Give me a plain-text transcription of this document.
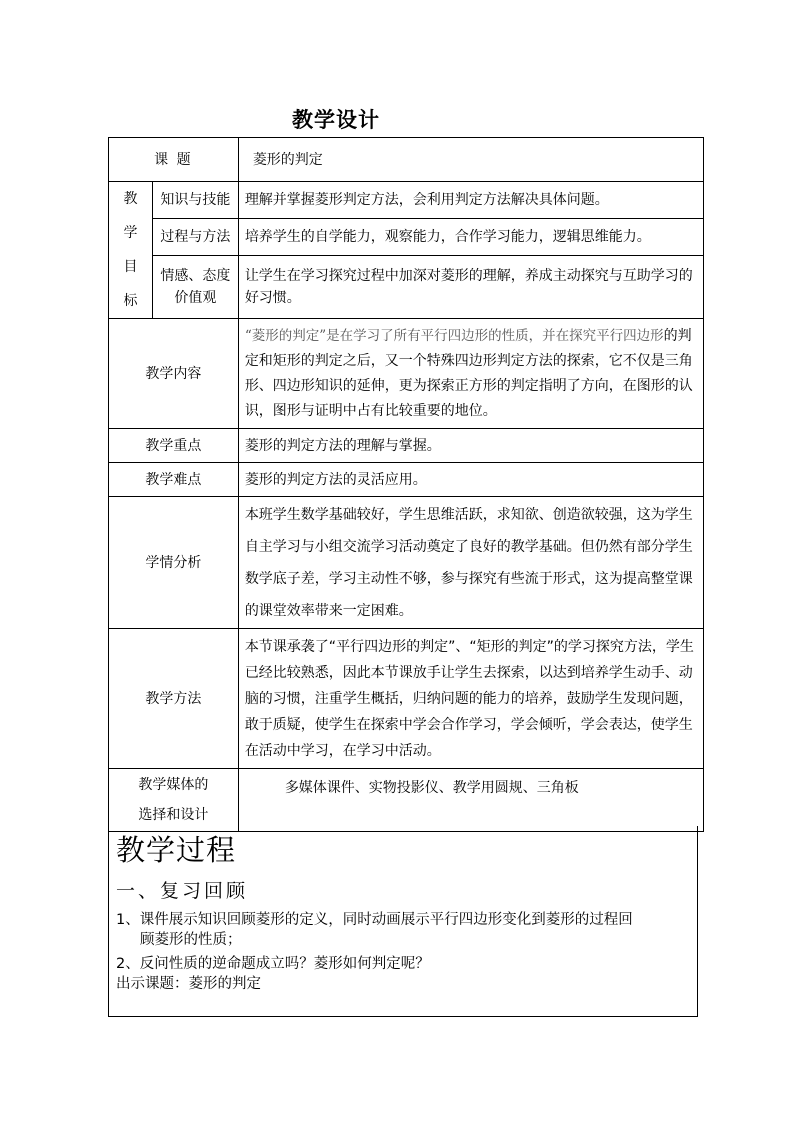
教学设计
课 题		菱形的判定

教
学
目
标	知识与技能	理解并掌握菱形判定方法，会利用判定方法解决具体问题。
	过程与方法	培养学生的自学能力，观察能力，合作学习能力，逻辑思维能力。

	情感、态度
价值观	让学生在学习探究过程中加深对菱形的理解，养成主动探究与互助学习的好习惯。
教学内容		“菱形的判定”是在学习了所有平行四边形的性质，并在探究平行四边形的判定和矩形的判定之后，又一个特殊四边形判定方法的探索，它不仅是三角形、四边形知识的延伸，更为探索正方形的判定指明了方向，在图形的认识，图形与证明中占有比较重要的地位。
教学重点		菱形的判定方法的理解与掌握。
教学难点		菱形的判定方法的灵活应用。
学情分析		本班学生数学基础较好，学生思维活跃，求知欲、创造欲较强，这为学生自主学习与小组交流学习活动奠定了良好的教学基础。但仍然有部分学生数学底子差，学习主动性不够，参与探究有些流于形式，这为提高整堂课的课堂效率带来一定困难。
教学方法		本节课承袭了“平行四边形的判定”、“矩形的判定”的学习探究方法，学生已经比较熟悉，因此本节课放手让学生去探索，以达到培养学生动手、动脑的习惯，注重学生概括，归纳问题的能力的培养，鼓励学生发现问题，敢于质疑，使学生在探索中学会合作学习，学会倾听，学会表达，使学生在活动中学习，在学习中活动。

教学媒体的
选择和设计		多媒体课件、实物投影仪、教学用圆规、三角板
教学过程
一、复习回顾
1、课件展示知识回顾菱形的定义，同时动画展示平行四边形变化到菱形的过程回
顾菱形的性质；
2、反问性质的逆命题成立吗？菱形如何判定呢？
出示课题：菱形的判定
